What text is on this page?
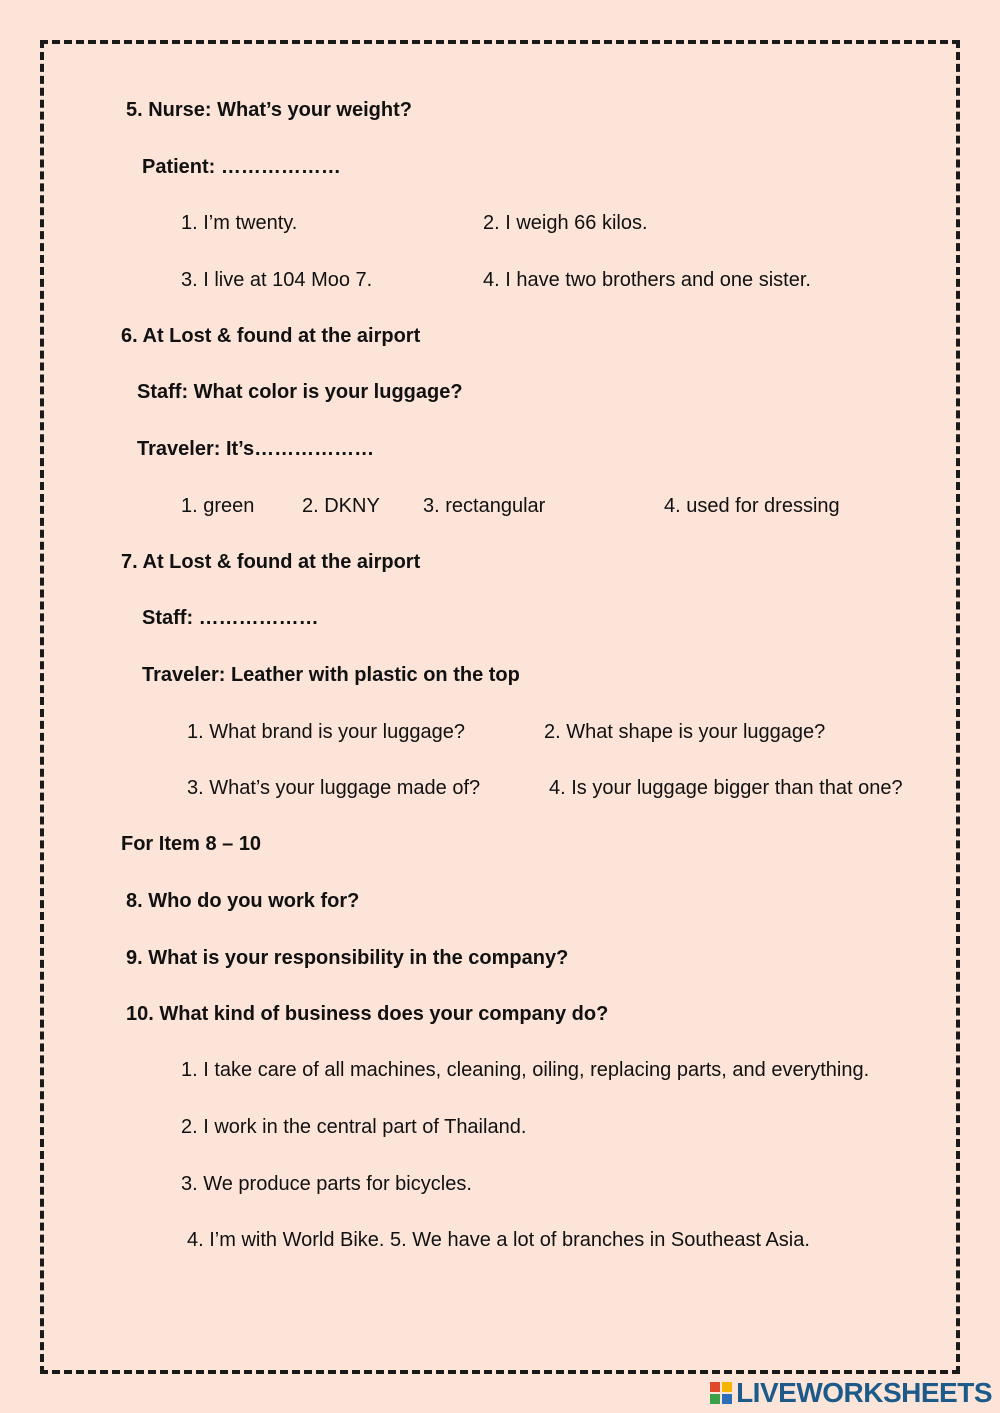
5. Nurse: What’s your weight?
Patient: ………………
1. I’m twenty.	2. I weigh 66 kilos.
3. I live at 104 Moo 7.	4. I have two brothers and one sister.
6. At Lost & found at the airport
Staff: What color is your luggage?
Traveler: It’s………………
1. green 2. DKNY 3. rectangular	4. used for dressing
7. At Lost & found at the airport
Staff: ………………
Traveler: Leather with plastic on the top
1. What brand is your luggage?	2. What shape is your luggage?
3. What’s your luggage made of?	4. Is your luggage bigger than that one?
For Item 8 – 10
8. Who do you work for?
9. What is your responsibility in the company?
10. What kind of business does your company do?
1. I take care of all machines, cleaning, oiling, replacing parts, and everything.
2. I work in the central part of Thailand.
3. We produce parts for bicycles.
4. I’m with World Bike. 5. We have a lot of branches in Southeast Asia.
LIVEWORKSHEETS
